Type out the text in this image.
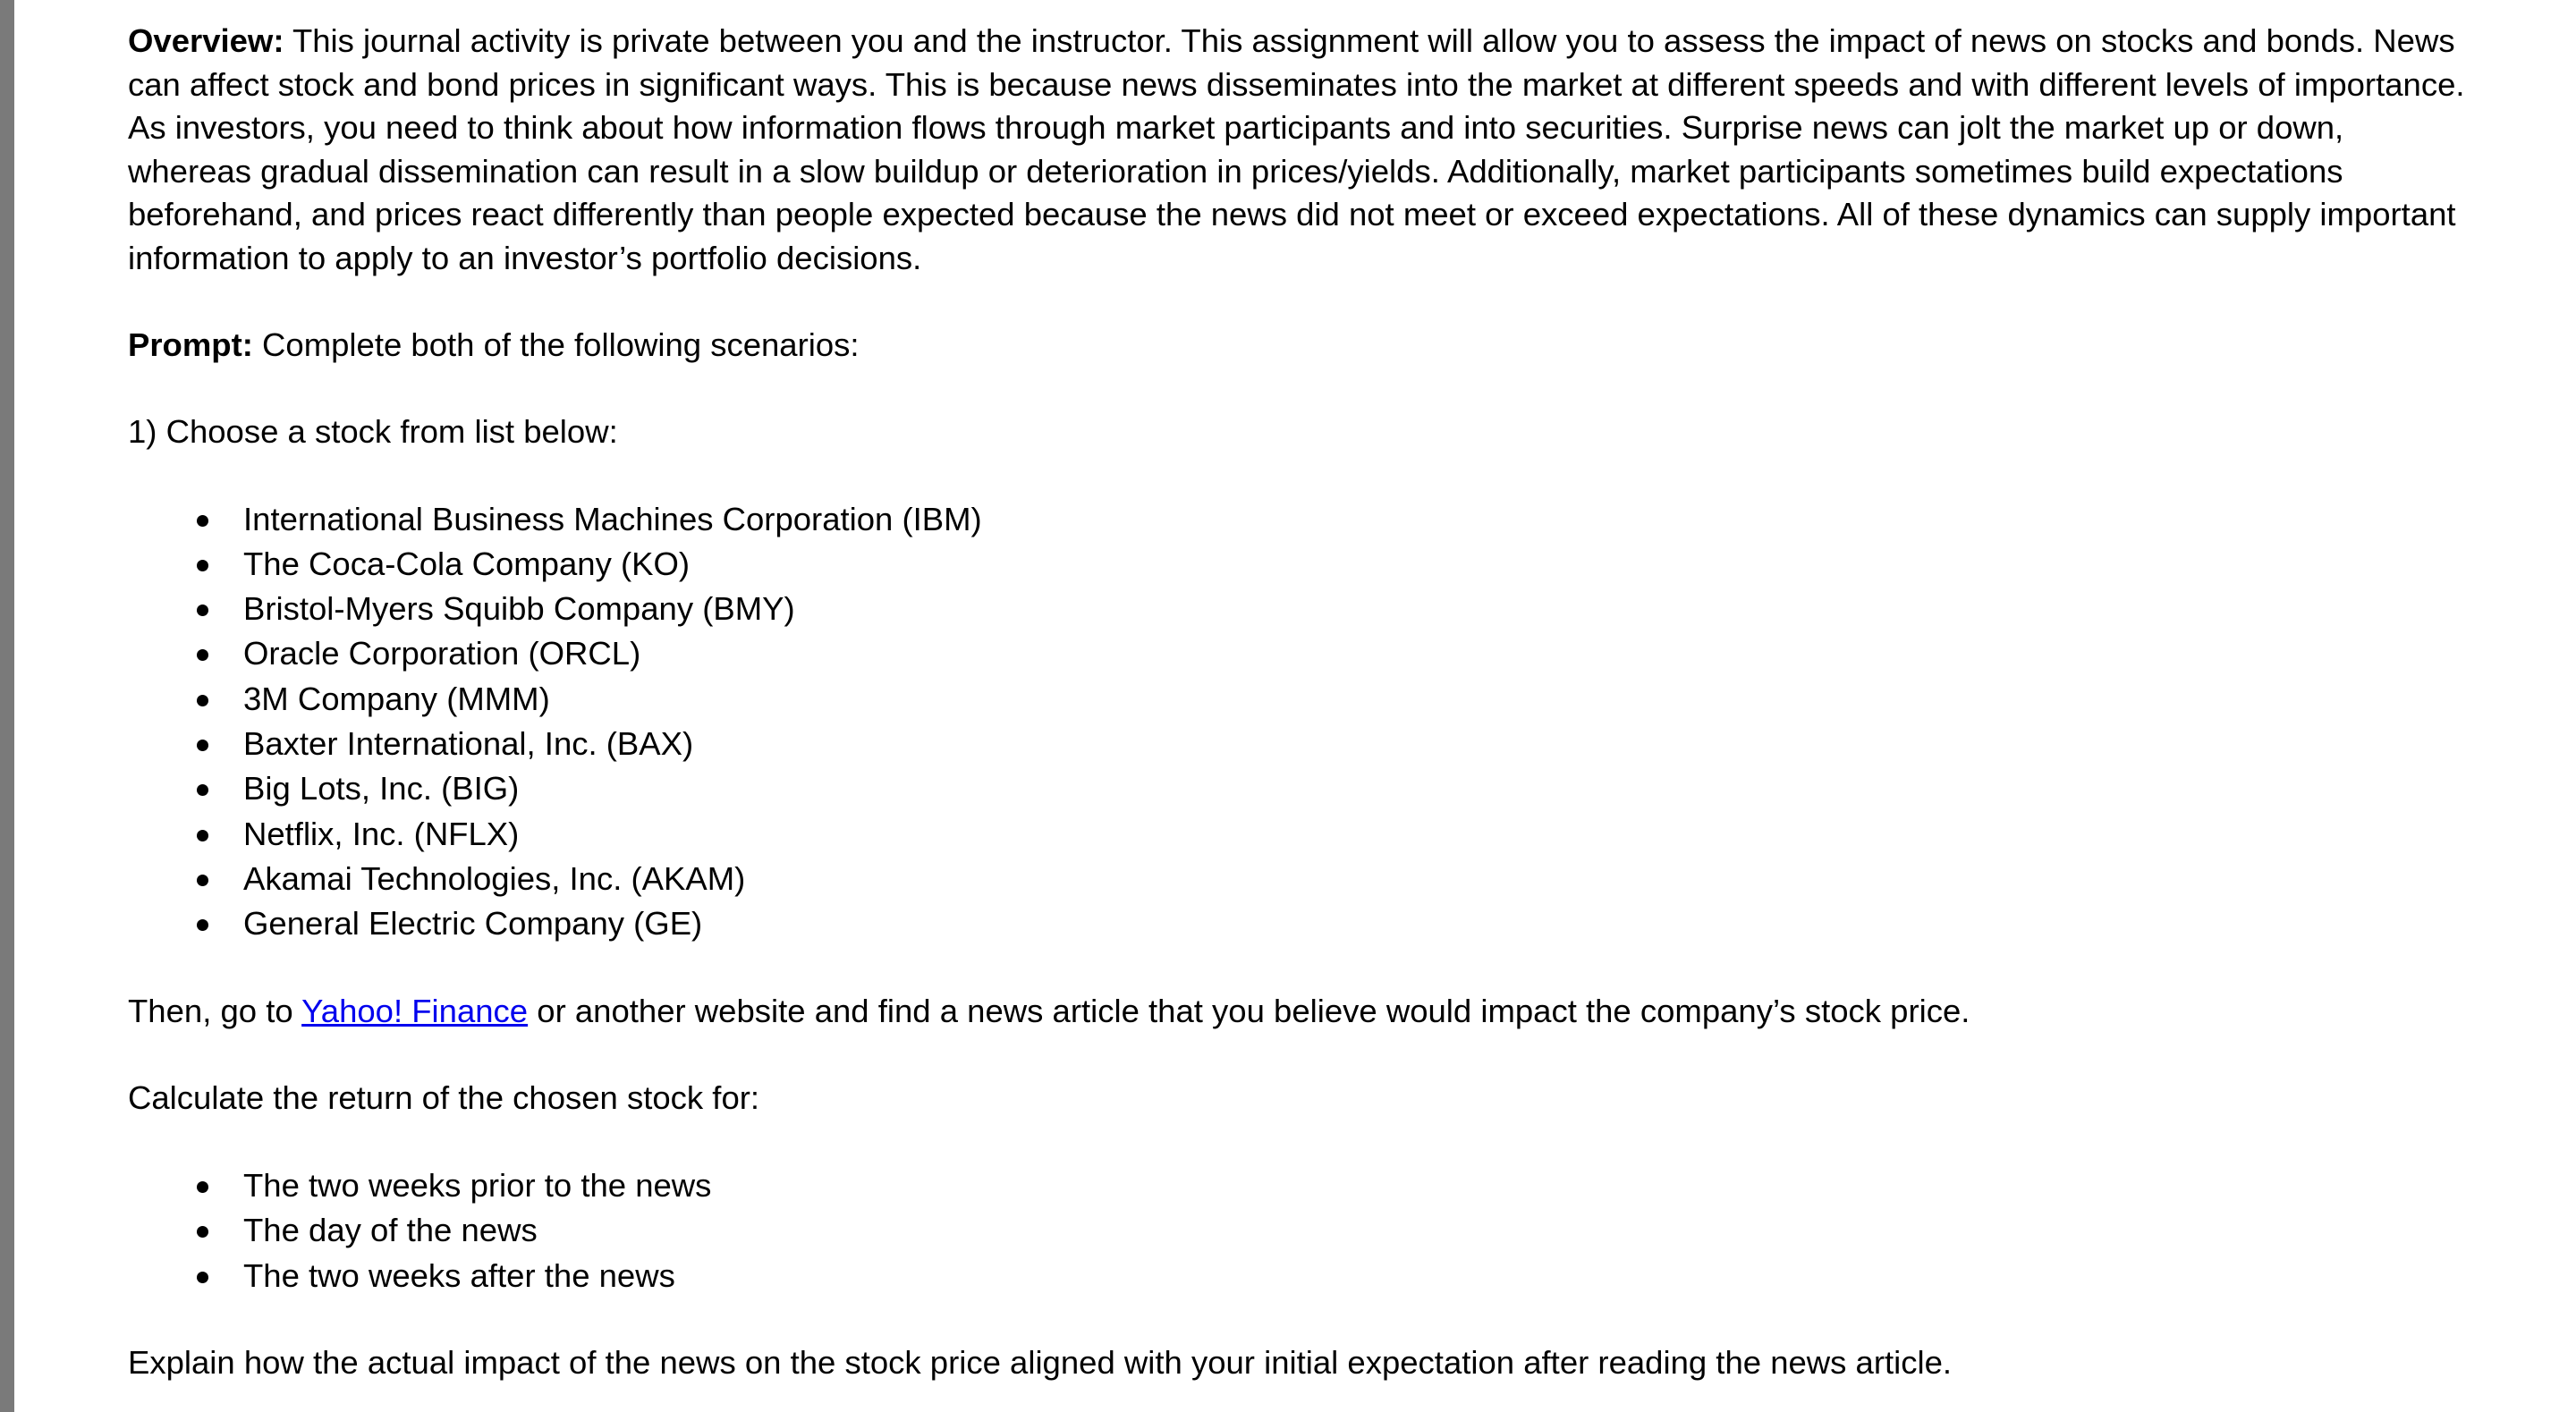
Overview: This journal activity is private between you and the instructor. This assignment will allow you to assess the impact of news on stocks and bonds. News can affect stock and bond prices in significant ways. This is because news disseminates into the market at different speeds and with different levels of importance. As investors, you need to think about how information flows through market participants and into securities. Surprise news can jolt the market up or down, whereas gradual dissemination can result in a slow buildup or deterioration in prices/yields. Additionally, market participants sometimes build expectations beforehand, and prices react differently than people expected because the news did not meet or exceed expectations. All of these dynamics can supply important information to apply to an investor’s portfolio decisions.

Prompt: Complete both of the following scenarios:

1) Choose a stock from list below:

International Business Machines Corporation (IBM)
The Coca-Cola Company (KO)
Bristol-Myers Squibb Company (BMY)
Oracle Corporation (ORCL)
3M Company (MMM)
Baxter International, Inc. (BAX)
Big Lots, Inc. (BIG)
Netflix, Inc. (NFLX)
Akamai Technologies, Inc. (AKAM)
General Electric Company (GE)

Then, go to Yahoo! Finance or another website and find a news article that you believe would impact the company’s stock price.

Calculate the return of the chosen stock for:

The two weeks prior to the news
The day of the news
The two weeks after the news

Explain how the actual impact of the news on the stock price aligned with your initial expectation after reading the news article.
